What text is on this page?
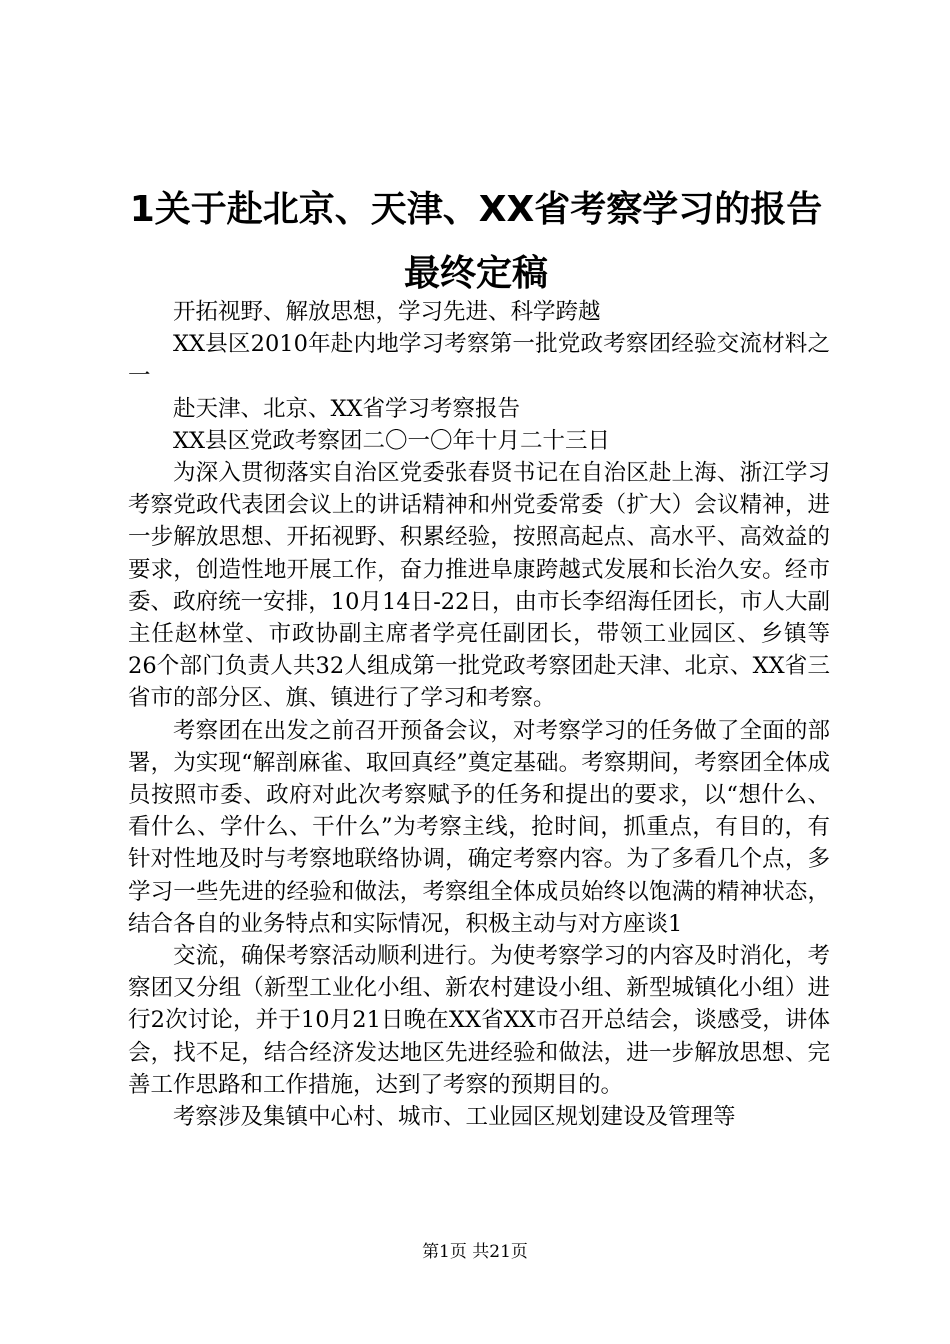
1关于赴北京、天津、XX省考察学习的报告最终定稿

开拓视野、解放思想，学习先进、科学跨越

XX县区2010年赴内地学习考察第一批党政考察团经验交流材料之一

赴天津、北京、XX省学习考察报告

XX县区党政考察团二〇一〇年十月二十三日

为深入贯彻落实自治区党委张春贤书记在自治区赴上海、浙江学习考察党政代表团会议上的讲话精神和州党委常委（扩大）会议精神，进一步解放思想、开拓视野、积累经验，按照高起点、高水平、高效益的要求，创造性地开展工作，奋力推进阜康跨越式发展和长治久安。经市委、政府统一安排，10月14日-22日，由市长李绍海任团长，市人大副主任赵林堂、市政协副主席者学亮任副团长，带领工业园区、乡镇等26个部门负责人共32人组成第一批党政考察团赴天津、北京、XX省三省市的部分区、旗、镇进行了学习和考察。

考察团在出发之前召开预备会议，对考察学习的任务做了全面的部署，为实现“解剖麻雀、取回真经”奠定基础。考察期间，考察团全体成员按照市委、政府对此次考察赋予的任务和提出的要求，以“想什么、看什么、学什么、干什么”为考察主线，抢时间，抓重点，有目的，有针对性地及时与考察地联络协调，确定考察内容。为了多看几个点，多学习一些先进的经验和做法，考察组全体成员始终以饱满的精神状态，结合各自的业务特点和实际情况，积极主动与对方座谈1

交流，确保考察活动顺利进行。为使考察学习的内容及时消化，考察团又分组（新型工业化小组、新农村建设小组、新型城镇化小组）进行2次讨论，并于10月21日晚在XX省XX市召开总结会，谈感受，讲体会，找不足，结合经济发达地区先进经验和做法，进一步解放思想、完善工作思路和工作措施，达到了考察的预期目的。

考察涉及集镇中心村、城市、工业园区规划建设及管理等

第1页 共21页
